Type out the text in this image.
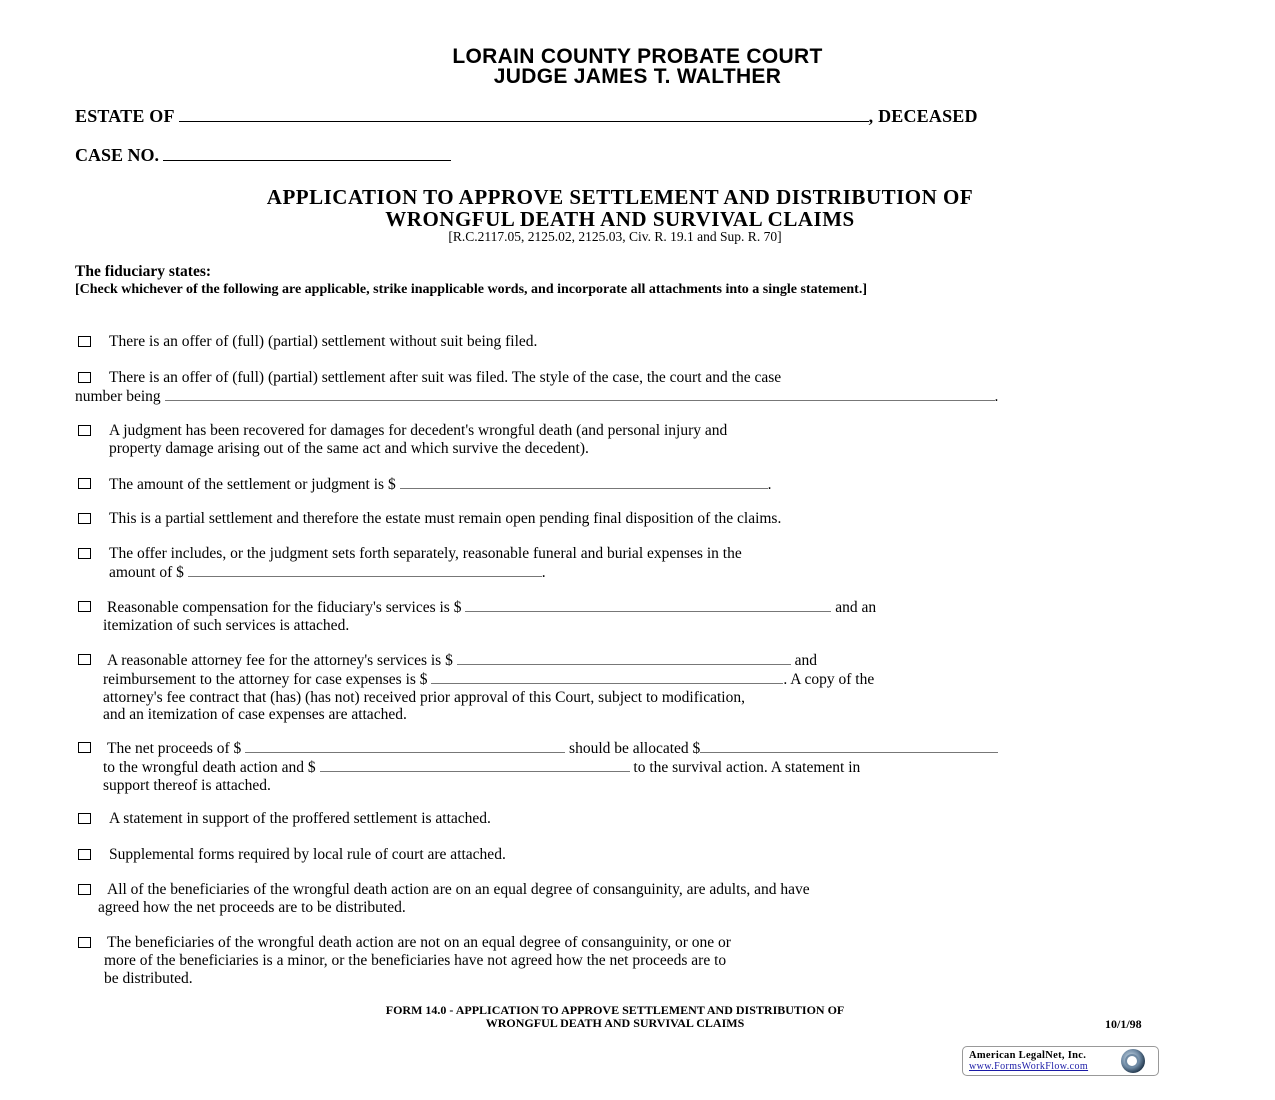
LORAIN COUNTY PROBATE COURT
JUDGE JAMES T. WALTHER
ESTATE OF	, DECEASED
CASE NO.
APPLICATION TO APPROVE SETTLEMENT AND DISTRIBUTION OF
WRONGFUL DEATH AND SURVIVAL CLAIMS
[R.C.2117.05, 2125.02, 2125.03, Civ. R. 19.1 and Sup. R. 70]
The fiduciary states:
[Check whichever of the following are applicable, strike inapplicable words, and incorporate all attachments into a single statement.]
There is an offer of (full) (partial) settlement without suit being filed.
There is an offer of (full) (partial) settlement after suit was filed. The style of the case, the court and the case
number being	.
A judgment has been recovered for damages for decedent's wrongful death (and personal injury and
property damage arising out of the same act and which survive the decedent).
The amount of the settlement or judgment is $	.
This is a partial settlement and therefore the estate must remain open pending final disposition of the claims.
The offer includes, or the judgment sets forth separately, reasonable funeral and burial expenses in the
amount of $	.
Reasonable compensation for the fiduciary's services is $	and an
itemization of such services is attached.
A reasonable attorney fee for the attorney's services is $	and
reimbursement to the attorney for case expenses is $	. A copy of the
attorney's fee contract that (has) (has not) received prior approval of this Court, subject to modification,
and an itemization of case expenses are attached.
The net proceeds of $	should be allocated $
to the wrongful death action and $	to the survival action. A statement in
support thereof is attached.
A statement in support of the proffered settlement is attached.
Supplemental forms required by local rule of court are attached.
All of the beneficiaries of the wrongful death action are on an equal degree of consanguinity, are adults, and have
agreed how the net proceeds are to be distributed.
The beneficiaries of the wrongful death action are not on an equal degree of consanguinity, or one or
more of the beneficiaries is a minor, or the beneficiaries have not agreed how the net proceeds are to
be distributed.
FORM 14.0 - APPLICATION TO APPROVE SETTLEMENT AND DISTRIBUTION OF
WRONGFUL DEATH AND SURVIVAL CLAIMS	10/1/98
American LegalNet, Inc.
www.FormsWorkFlow.com
